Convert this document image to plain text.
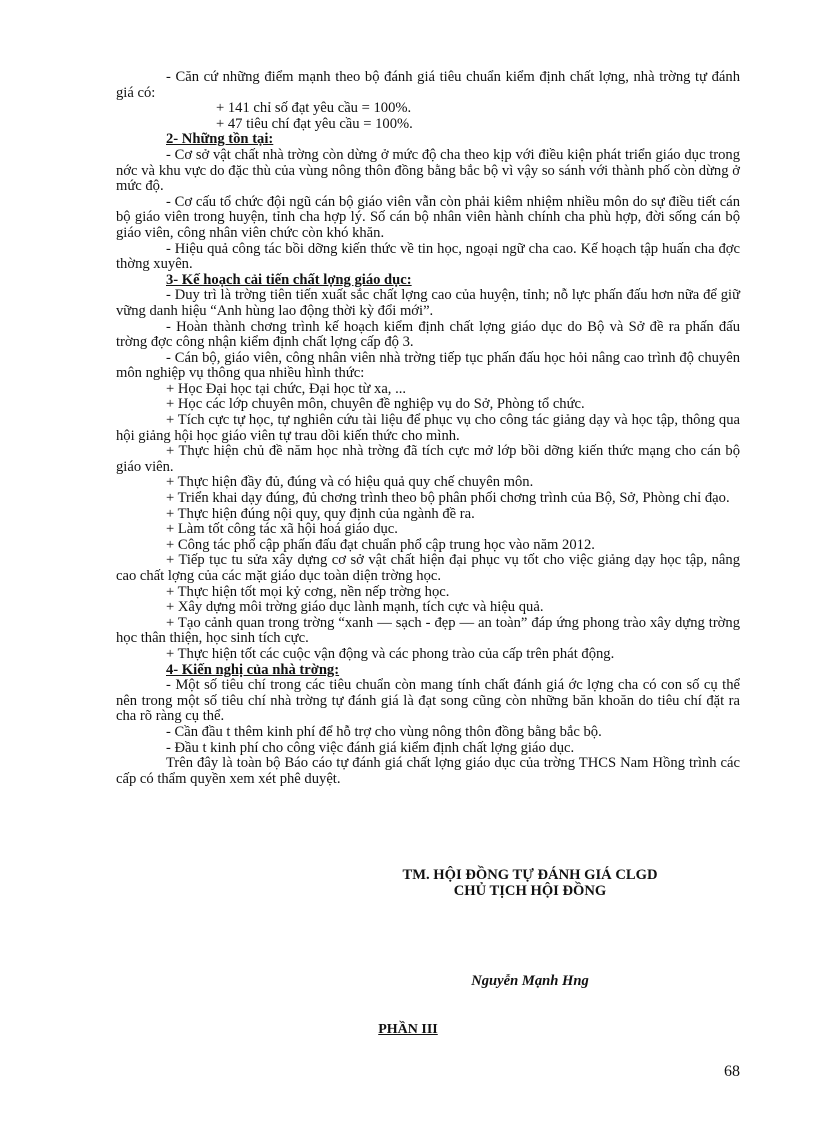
- Căn cứ những điểm mạnh theo bộ đánh giá tiêu chuẩn kiểm định chất lợng, nhà trờng tự đánh giá có:

+ 141 chỉ số đạt yêu cầu = 100%.

+ 47 tiêu chí đạt yêu cầu = 100%.

2- Những tồn tại:

- Cơ sở vật chất nhà trờng còn dừng ở mức độ cha theo kịp với điều kiện phát triển giáo dục trong nớc và khu vực do đặc thù của vùng nông thôn đồng bằng bắc bộ vì vậy so sánh với thành phố còn dừng ở mức độ.

- Cơ cấu tổ chức đội ngũ cán bộ giáo viên vẫn còn phải kiêm nhiệm nhiều môn do sự điều tiết cán bộ giáo viên trong huyện, tỉnh cha hợp lý. Số cán bộ nhân viên hành chính cha phù hợp, đời sống cán bộ giáo viên, công nhân viên chức còn khó khăn.

- Hiệu quả công tác bồi dỡng kiến thức về tin học, ngoại ngữ cha cao. Kế hoạch tập huấn cha đợc thờng xuyên.

3- Kế hoạch cải tiến chất lợng giáo dục:

- Duy trì là trờng tiên tiến xuất sắc chất lợng cao của huyện, tỉnh; nỗ lực phấn đấu hơn nữa để giữ vững danh hiệu “Anh hùng lao động thời kỳ đổi mới”.

- Hoàn thành chơng trình kế hoạch kiểm định chất lợng giáo dục do Bộ và Sở đề ra phấn đấu trờng đợc công nhận kiểm định chất lợng cấp độ 3.

- Cán bộ, giáo viên, công nhân viên nhà trờng tiếp tục phấn đấu học hỏi nâng cao trình độ chuyên môn nghiệp vụ thông qua nhiều hình thức:

+ Học Đại học tại chức, Đại học từ xa, ...

+ Học các lớp chuyên môn, chuyên đề nghiệp vụ do Sở, Phòng tổ chức.

+ Tích cực tự học, tự nghiên cứu tài liệu để phục vụ cho công tác giảng dạy và học tập, thông qua hội giảng hội học giáo viên tự trau dồi kiến thức cho mình.

+ Thực hiện chủ đề năm học nhà trờng đã tích cực mở lớp bồi dỡng kiến thức mạng cho cán bộ giáo viên.

+ Thực hiện đầy đủ, đúng và có hiệu quả quy chế chuyên môn.

+ Triển khai dạy đúng, đủ chơng trình theo bộ phân phối chơng trình của Bộ, Sở, Phòng chỉ đạo.

+ Thực hiện đúng nội quy, quy định của ngành đề ra.

+ Làm tốt công tác xã hội hoá giáo dục.

+ Công tác phổ cập phấn đấu đạt chuẩn phổ cập trung học vào năm 2012.

+ Tiếp tục tu sửa xây dựng cơ sở vật chất hiện đại phục vụ tốt cho việc giảng dạy học tập, nâng cao chất lợng của các mặt giáo dục toàn diện trờng học.

+ Thực hiện tốt mọi kỷ cơng, nền nếp trờng học.

+ Xây dựng môi trờng giáo dục lành mạnh, tích cực và hiệu quả.

+ Tạo cảnh quan trong trờng “xanh — sạch - đẹp — an toàn” đáp ứng phong trào xây dựng trờng học thân thiện, học sinh tích cực.

+ Thực hiện tốt các cuộc vận động và các phong trào của cấp trên phát động.

4- Kiến nghị của nhà trờng:

- Một số tiêu chí trong các tiêu chuẩn còn mang tính chất đánh giá ớc lợng cha có con số cụ thể nên trong một số tiêu chí nhà trờng tự đánh giá là đạt song cũng còn những băn khoăn do tiêu chí đặt ra cha rõ ràng cụ thể.

- Cần đầu t thêm kinh phí để hỗ trợ cho vùng nông thôn đồng bằng bắc bộ.

- Đầu t kinh phí cho công việc đánh giá kiểm định chất lợng giáo dục.

Trên đây là toàn bộ Báo cáo tự đánh giá chất lợng giáo dục của trờng THCS Nam Hồng trình các cấp có thẩm quyền xem xét phê duyệt.

TM. HỘI ĐỒNG TỰ ĐÁNH GIÁ CLGD
CHỦ TỊCH HỘI ĐỒNG
Nguyễn Mạnh Hng
PHẦN III
68
